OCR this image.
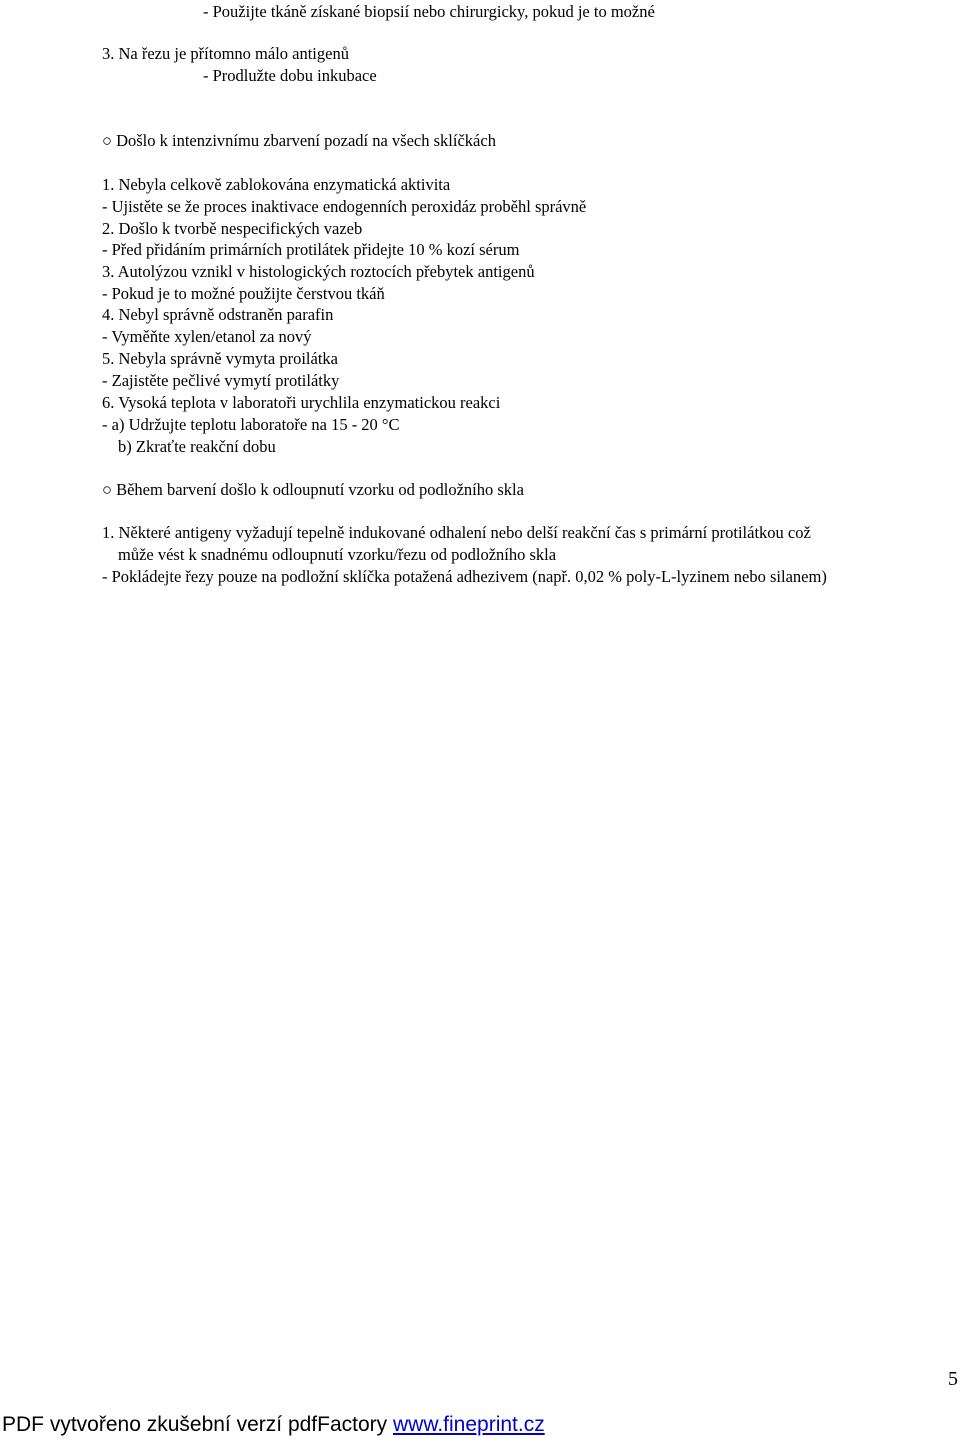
- Použijte tkáně získané biopsií nebo chirurgicky, pokud je to možné
3. Na řezu je přítomno málo antigenů
- Prodlužte dobu inkubace
○ Došlo k intenzivnímu zbarvení pozadí na všech sklíčkách
1. Nebyla celkově zablokována enzymatická aktivita
- Ujistěte se že proces inaktivace endogenních peroxidáz proběhl správně
2. Došlo k tvorbě nespecifických vazeb
- Před přidáním primárních protilátek přidejte 10 % kozí sérum
3. Autolýzou vznikl v histologických roztocích přebytek antigenů
- Pokud je to možné použijte čerstvou tkáň
4. Nebyl správně odstraněn parafin
- Vyměňte xylen/etanol za nový
5. Nebyla správně vymyta proilátka
- Zajistěte pečlivé vymytí protilátky
6. Vysoká teplota v laboratoři urychlila enzymatickou reakci
- a) Udržujte teplotu laboratoře na 15 - 20 °C
b) Zkraťte reakční dobu
○ Během barvení došlo k odloupnutí vzorku od podložního skla
1. Některé antigeny vyžadují tepelně indukované odhalení nebo delší reakční čas s primární protilátkou což
může vést k snadnému odloupnutí vzorku/řezu od podložního skla
- Pokládejte řezy pouze na podložní sklíčka potažená adhezivem (např. 0,02 % poly-L-lyzinem nebo silanem)
5
PDF vytvořeno zkušební verzí pdfFactory www.fineprint.cz
